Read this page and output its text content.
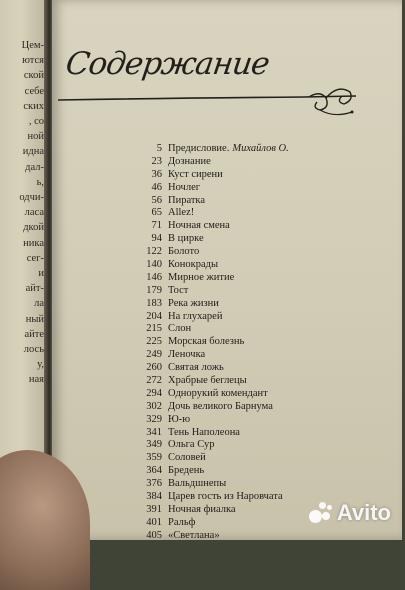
Цем-
ются
ской
себе
ских
, со
ной
идна
дал-
ь,
одчи-
ласа
дкой
ника
сег-
и
айт-
ла
ный
айте
лось
у,
ная
Содержание
5 Предисловие. Михайлов О.
23 Дознание
36 Куст сирени
46 Ночлег
56 Пиратка
65 Allez!
71 Ночная смена
94 В цирке
122 Болото
140 Конокрады
146 Мирное житие
179 Тост
183 Река жизни
204 На глухарей
215 Слон
225 Морская болезнь
249 Леночка
260 Святая ложь
272 Храбрые беглецы
294 Однорукий комендант
302 Дочь великого Барнума
329 Ю-ю
341 Тень Наполеона
349 Ольга Сур
359 Соловей
364 Бредень
376 Вальдшнепы
384 Царев гость из Наровчата
391 Ночная фиалка
401 Ральф
405 «Светлана»
Avito
